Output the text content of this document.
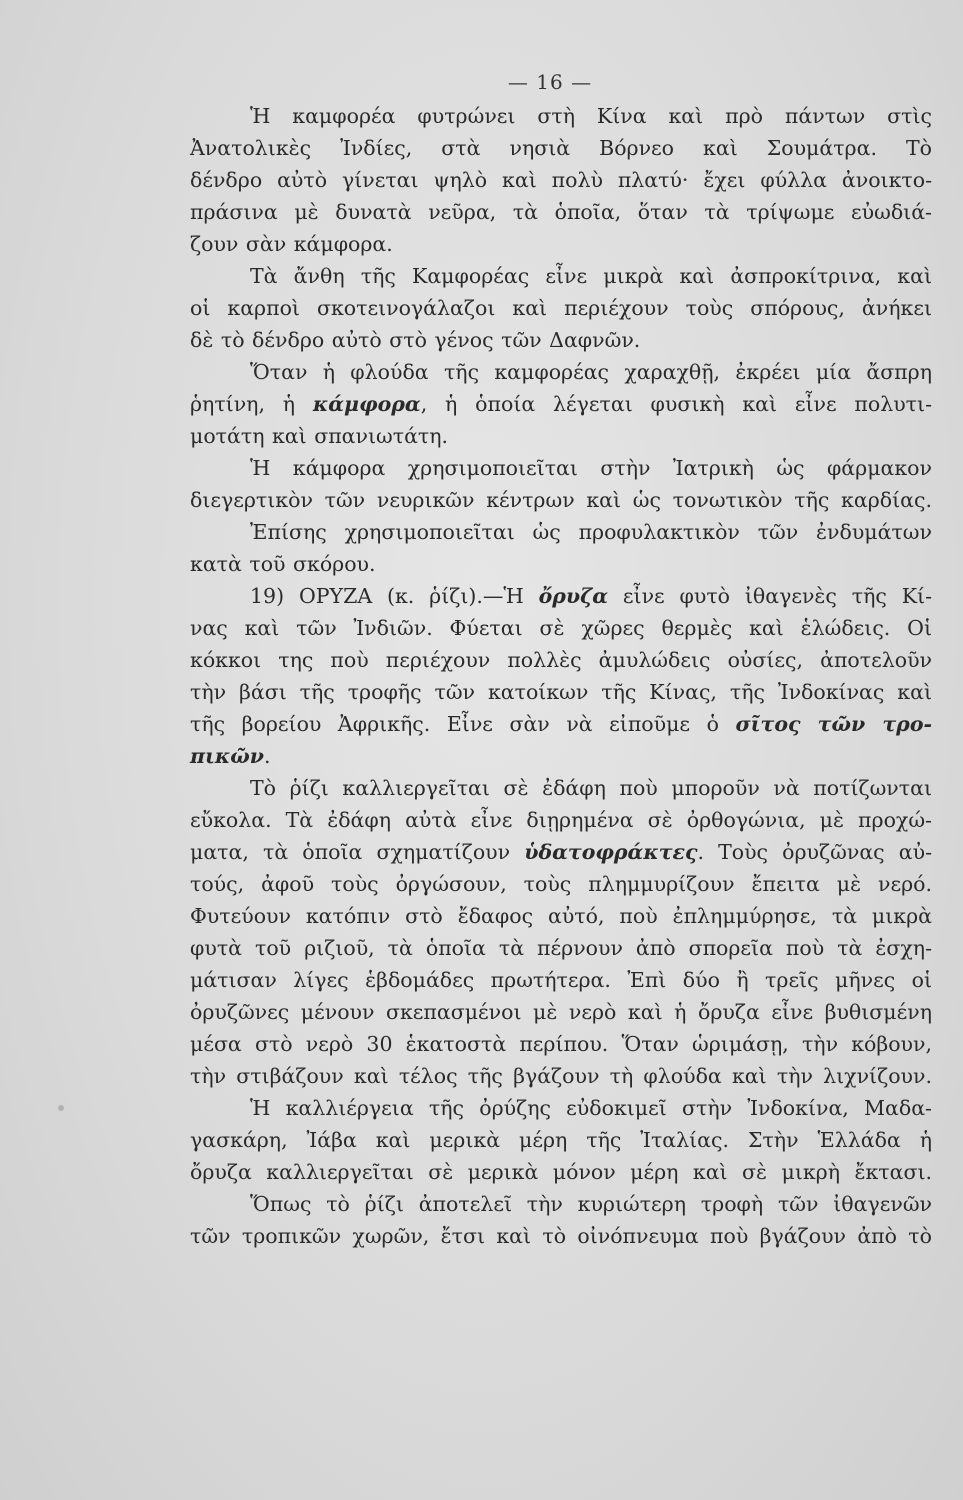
— 16 —
Ἡ καμφορέα φυτρώνει στὴ Κίνα καὶ πρὸ πάντων στὶς
Ἀνατολικὲς Ἰνδίες, στὰ νησιὰ Βόρνεο καὶ Σουμάτρα. Τὸ
δένδρο αὐτὸ γίνεται ψηλὸ καὶ πολὺ πλατύ· ἔχει φύλλα ἀνοικτο-
πράσινα μὲ δυνατὰ νεῦρα, τὰ ὁποῖα, ὅταν τὰ τρίψωμε εὐωδιά-
ζουν σὰν κάμφορα.
Τὰ ἄνθη τῆς Καμφορέας εἶνε μικρὰ καὶ ἀσπροκίτρινα, καὶ
οἱ καρποὶ σκοτεινογάλαζοι καὶ περιέχουν τοὺς σπόρους, ἀνήκει
δὲ τὸ δένδρο αὐτὸ στὸ γένος τῶν Δαφνῶν.
Ὅταν ἡ φλούδα τῆς καμφορέας χαραχθῇ, ἐκρέει μία ἄσπρη
ῥητίνη, ἡ κάμφορα, ἡ ὁποία λέγεται φυσικὴ καὶ εἶνε πολυτι-
μοτάτη καὶ σπανιωτάτη.
Ἡ κάμφορα χρησιμοποιεῖται στὴν Ἰατρικὴ ὡς φάρμακον
διεγερτικὸν τῶν νευρικῶν κέντρων καὶ ὡς τονωτικὸν τῆς καρδίας.
Ἐπίσης χρησιμοποιεῖται ὡς προφυλακτικὸν τῶν ἐνδυμάτων
κατὰ τοῦ σκόρου.
19) ΟΡΥΖΑ (κ. ῥίζι).—Ἡ ὄρυζα εἶνε φυτὸ ἰθαγενὲς τῆς Κί-
νας καὶ τῶν Ἰνδιῶν. Φύεται σὲ χῶρες θερμὲς καὶ ἑλώδεις. Οἱ
κόκκοι της ποὺ περιέχουν πολλὲς ἀμυλώδεις οὐσίες, ἀποτελοῦν
τὴν βάσι τῆς τροφῆς τῶν κατοίκων τῆς Κίνας, τῆς Ἰνδοκίνας καὶ
τῆς βορείου Ἀφρικῆς. Εἶνε σὰν νὰ εἰποῦμε ὁ σῖτος τῶν τρο-
πικῶν.
Τὸ ῥίζι καλλιεργεῖται σὲ ἐδάφη ποὺ μποροῦν νὰ ποτίζωνται
εὔκολα. Τὰ ἐδάφη αὐτὰ εἶνε διῃρημένα σὲ ὀρθογώνια, μὲ προχώ-
ματα, τὰ ὁποῖα σχηματίζουν ὑδατοφράκτες. Τοὺς ὀρυζῶνας αὐ-
τούς, ἀφοῦ τοὺς ὀργώσουν, τοὺς πλημμυρίζουν ἔπειτα μὲ νερό.
Φυτεύουν κατόπιν στὸ ἔδαφος αὐτό, ποὺ ἐπλημμύρησε, τὰ μικρὰ
φυτὰ τοῦ ριζιοῦ, τὰ ὁποῖα τὰ πέρνουν ἀπὸ σπορεῖα ποὺ τὰ ἐσχη-
μάτισαν λίγες ἑβδομάδες πρωτήτερα. Ἐπὶ δύο ἢ τρεῖς μῆνες οἱ
ὀρυζῶνες μένουν σκεπασμένοι μὲ νερὸ καὶ ἡ ὄρυζα εἶνε βυθισμένη
μέσα στὸ νερὸ 30 ἑκατοστὰ περίπου. Ὅταν ὡριμάσῃ, τὴν κόβουν,
τὴν στιβάζουν καὶ τέλος τῆς βγάζουν τὴ φλούδα καὶ τὴν λιχνίζουν.
Ἡ καλλιέργεια τῆς ὀρύζης εὐδοκιμεῖ στὴν Ἰνδοκίνα, Μαδα-
γασκάρη, Ἰάβα καὶ μερικὰ μέρη τῆς Ἰταλίας. Στὴν Ἑλλάδα ἡ
ὄρυζα καλλιεργεῖται σὲ μερικὰ μόνον μέρη καὶ σὲ μικρὴ ἔκτασι.
Ὅπως τὸ ῥίζι ἀποτελεῖ τὴν κυριώτερη τροφὴ τῶν ἰθαγενῶν
τῶν τροπικῶν χωρῶν, ἔτσι καὶ τὸ οἰνόπνευμα ποὺ βγάζουν ἀπὸ τὸ
